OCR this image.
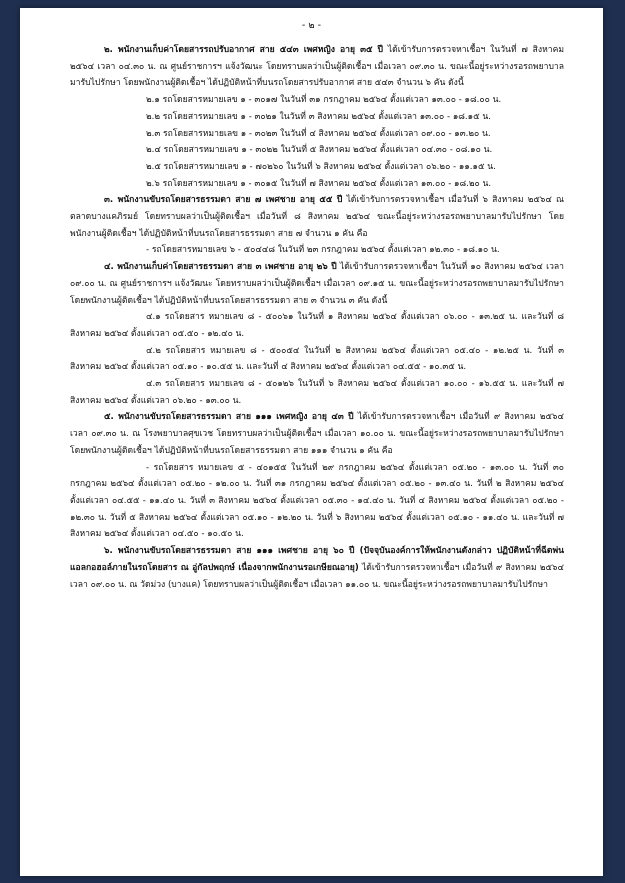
- ๒ -

๒. พนักงานเก็บค่าโดยสารรถปรับอากาศ สาย ๕๔๓ เพศหญิง อายุ ๓๕ ปี ได้เข้ารับการตรวจหาเชื้อฯ ในวันที่ ๗ สิงหาคม ๒๕๖๔ เวลา ๐๔.๓๐ น. ณ ศูนย์ราชการฯ แจ้งวัฒนะ โดยทราบผลว่าเป็นผู้ติดเชื้อฯ เมื่อเวลา ๐๙.๓๐ น. ขณะนี้อยู่ระหว่างรอรถพยาบาลมารับไปรักษา โดยพนักงานผู้ติดเชื้อฯ ได้ปฏิบัติหน้าที่บนรถโดยสารปรับอากาศ สาย ๕๔๓ จำนวน ๖ คัน ดังนี้

๒.๑ รถโดยสารหมายเลข ๑ - ๓๐๑๗ ในวันที่ ๓๑ กรกฎาคม ๒๕๖๔ ตั้งแต่เวลา ๑๓.๐๐ - ๑๘.๐๐ น.

๒.๒ รถโดยสารหมายเลข ๑ - ๓๐๒๑ ในวันที่ ๓ สิงหาคม ๒๕๖๔ ตั้งแต่เวลา ๑๓.๐๐ - ๑๘.๑๕ น.

๒.๓ รถโดยสารหมายเลข ๑ - ๓๐๒๓ ในวันที่ ๔ สิงหาคม ๒๕๖๔ ตั้งแต่เวลา ๐๙.๐๐ - ๑๓.๒๐ น.

๒.๔ รถโดยสารหมายเลข ๑ - ๓๐๒๒ ในวันที่ ๕ สิงหาคม ๒๕๖๔ ตั้งแต่เวลา ๐๔.๓๐ - ๐๘.๑๐ น.

๒.๕ รถโดยสารหมายเลข ๑ - ๗๐๒๖๐ ในวันที่ ๖ สิงหาคม ๒๕๖๔ ตั้งแต่เวลา ๐๖.๒๐ - ๑๑.๑๕ น.

๒.๖ รถโดยสารหมายเลข ๑ - ๓๐๑๕ ในวันที่ ๗ สิงหาคม ๒๕๖๔ ตั้งแต่เวลา ๑๓.๐๐ - ๑๘.๒๐ น.

๓. พนักงานขับรถโดยสารธรรมดา สาย ๗ เพศชาย อายุ ๕๕ ปี ได้เข้ารับการตรวจหาเชื้อฯ เมื่อวันที่ ๖ สิงหาคม ๒๕๖๔ ณ ตลาดบางแคภิรมย์ โดยทราบผลว่าเป็นผู้ติดเชื้อฯ เมื่อวันที่ ๘ สิงหาคม ๒๕๖๔ ขณะนี้อยู่ระหว่างรอรถพยาบาลมารับไปรักษา โดยพนักงานผู้ติดเชื้อฯ ได้ปฏิบัติหน้าที่บนรถโดยสารธรรมดา สาย ๗ จำนวน ๑ คัน คือ

- รถโดยสารหมายเลข ๖ - ๕๐๔๔๘ ในวันที่ ๒๓ กรกฎาคม ๒๕๖๔ ตั้งแต่เวลา ๑๒.๓๐ - ๑๘.๑๐ น.

๔. พนักงานเก็บค่าโดยสารธรรมดา สาย ๓ เพศชาย อายุ ๒๖ ปี ได้เข้ารับการตรวจหาเชื้อฯ ในวันที่ ๑๐ สิงหาคม ๒๕๖๔ เวลา ๐๙.๐๐ น. ณ ศูนย์ราชการฯ แจ้งวัฒนะ โดยทราบผลว่าเป็นผู้ติดเชื้อฯ เมื่อเวลา ๐๙.๑๕ น. ขณะนี้อยู่ระหว่างรอรถพยาบาลมารับไปรักษา โดยพนักงานผู้ติดเชื้อฯ ได้ปฏิบัติหน้าที่บนรถโดยสารธรรมดา สาย ๓ จำนวน ๓ คัน ดังนี้

๔.๑ รถโดยสาร หมายเลข ๘ - ๕๐๐๖๑ ในวันที่ ๑ สิงหาคม ๒๕๖๔ ตั้งแต่เวลา ๐๖.๐๐ - ๑๓.๒๕ น. และวันที่ ๘ สิงหาคม ๒๕๖๔ ตั้งแต่เวลา ๐๕.๕๐ - ๑๒.๔๐ น.

๔.๒ รถโดยสาร หมายเลข ๘ - ๕๐๐๕๔ ในวันที่ ๒ สิงหาคม ๒๕๖๔ ตั้งแต่เวลา ๐๕.๔๐ - ๑๒.๒๕ น. วันที่ ๓ สิงหาคม ๒๕๖๔ ตั้งแต่เวลา ๐๕.๑๐ - ๑๐.๕๕ น. และวันที่ ๔ สิงหาคม ๒๕๖๔ ตั้งแต่เวลา ๐๔.๕๕ - ๑๐.๓๕ น.

๔.๓ รถโดยสาร หมายเลข ๘ - ๕๐๑๒๖ ในวันที่ ๖ สิงหาคม ๒๕๖๔ ตั้งแต่เวลา ๑๐.๐๐ - ๑๖.๕๕ น. และวันที่ ๗ สิงหาคม ๒๕๖๔ ตั้งแต่เวลา ๐๖.๒๐ - ๑๓.๐๐ น.

๕. พนักงานขับรถโดยสารธรรมดา สาย ๑๑๑ เพศหญิง อายุ ๔๓ ปี ได้เข้ารับการตรวจหาเชื้อฯ เมื่อวันที่ ๙ สิงหาคม ๒๕๖๔ เวลา ๐๙.๓๐ น. ณ โรงพยาบาลศุขเวช โดยทราบผลว่าเป็นผู้ติดเชื้อฯ เมื่อเวลา ๑๐.๐๐ น. ขณะนี้อยู่ระหว่างรอรถพยาบาลมารับไปรักษา โดยพนักงานผู้ติดเชื้อฯ ได้ปฏิบัติหน้าที่บนรถโดยสารธรรมดา สาย ๑๑๑ จำนวน ๑ คัน คือ

- รถโดยสาร หมายเลข ๕ - ๔๐๑๕๕ ในวันที่ ๒๙ กรกฎาคม ๒๕๖๔ ตั้งแต่เวลา ๐๕.๒๐ - ๑๓.๐๐ น. วันที่ ๓๐ กรกฎาคม ๒๕๖๔ ตั้งแต่เวลา ๐๕.๒๐ - ๑๒.๐๐ น. วันที่ ๓๑ กรกฎาคม ๒๕๖๔ ตั้งแต่เวลา ๐๕.๒๐ - ๑๓.๔๐ น. วันที่ ๒ สิงหาคม ๒๕๖๔ ตั้งแต่เวลา ๐๔.๕๕ - ๑๑.๔๐ น. วันที่ ๓ สิงหาคม ๒๕๖๔ ตั้งแต่เวลา ๐๕.๓๐ - ๑๔.๔๐ น. วันที่ ๔ สิงหาคม ๒๕๖๔ ตั้งแต่เวลา ๐๕.๒๐ - ๑๒.๓๐ น. วันที่ ๕ สิงหาคม ๒๕๖๔ ตั้งแต่เวลา ๐๕.๑๐ - ๑๒.๒๐ น. วันที่ ๖ สิงหาคม ๒๕๖๔ ตั้งแต่เวลา ๐๕.๑๐ - ๑๑.๔๐ น. และวันที่ ๗ สิงหาคม ๒๕๖๔ ตั้งแต่เวลา ๐๔.๕๐ - ๑๐.๕๐ น.

๖. พนักงานขับรถโดยสารธรรมดา สาย ๑๑๑ เพศชาย อายุ ๖๐ ปี (ปัจจุบันองค์การให้พนักงานดังกล่าว ปฏิบัติหน้าที่ฉีดพ่นแอลกอฮอล์ภายในรถโดยสาร ณ อู่กัลปพฤกษ์ เนื่องจากพนักงานรอเกษียณอายุ) ได้เข้ารับการตรวจหาเชื้อฯ เมื่อวันที่ ๙ สิงหาคม ๒๕๖๔ เวลา ๐๙.๐๐ น. ณ วัดม่วง (บางแค) โดยทราบผลว่าเป็นผู้ติดเชื้อฯ เมื่อเวลา ๑๑.๐๐ น. ขณะนี้อยู่ระหว่างรอรถพยาบาลมารับไปรักษา
